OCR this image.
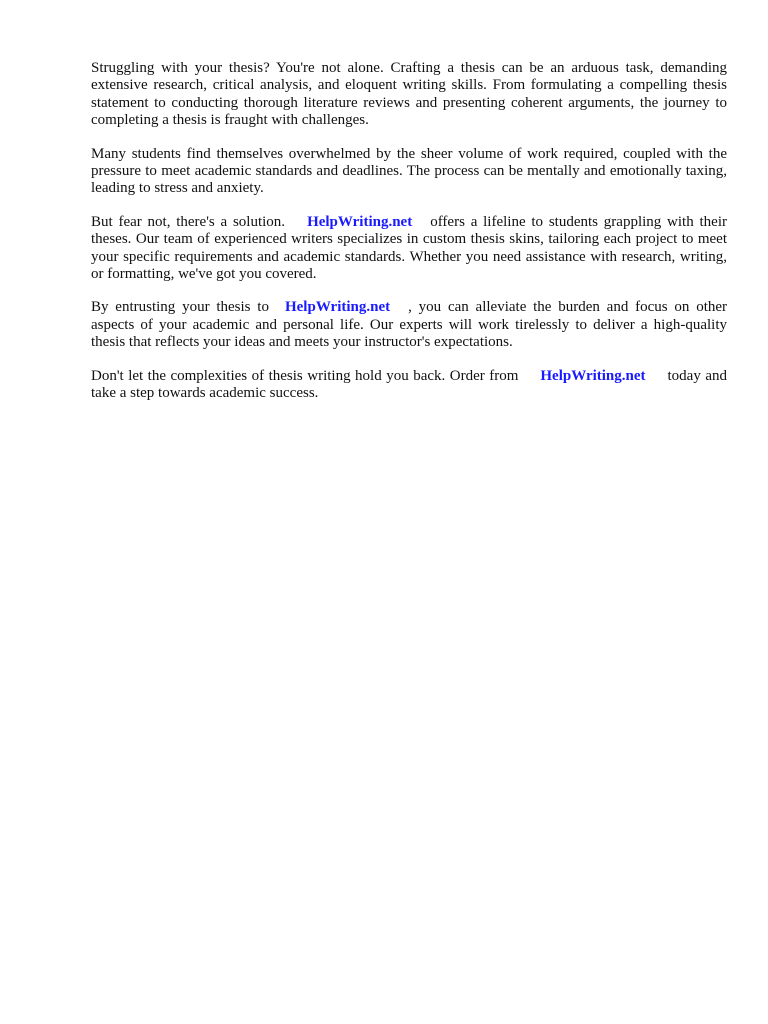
Struggling with your thesis? You're not alone. Crafting a thesis can be an arduous task, demanding extensive research, critical analysis, and eloquent writing skills. From formulating a compelling thesis statement to conducting thorough literature reviews and presenting coherent arguments, the journey to completing a thesis is fraught with challenges.

Many students find themselves overwhelmed by the sheer volume of work required, coupled with the pressure to meet academic standards and deadlines. The process can be mentally and emotionally taxing, leading to stress and anxiety.

But fear not, there's a solution. HelpWriting.net offers a lifeline to students grappling with their theses. Our team of experienced writers specializes in custom thesis skins, tailoring each project to meet your specific requirements and academic standards. Whether you need assistance with research, writing, or formatting, we've got you covered.

By entrusting your thesis to HelpWriting.net , you can alleviate the burden and focus on other aspects of your academic and personal life. Our experts will work tirelessly to deliver a high-quality thesis that reflects your ideas and meets your instructor's expectations.

Don't let the complexities of thesis writing hold you back. Order from HelpWriting.net today and take a step towards academic success.
